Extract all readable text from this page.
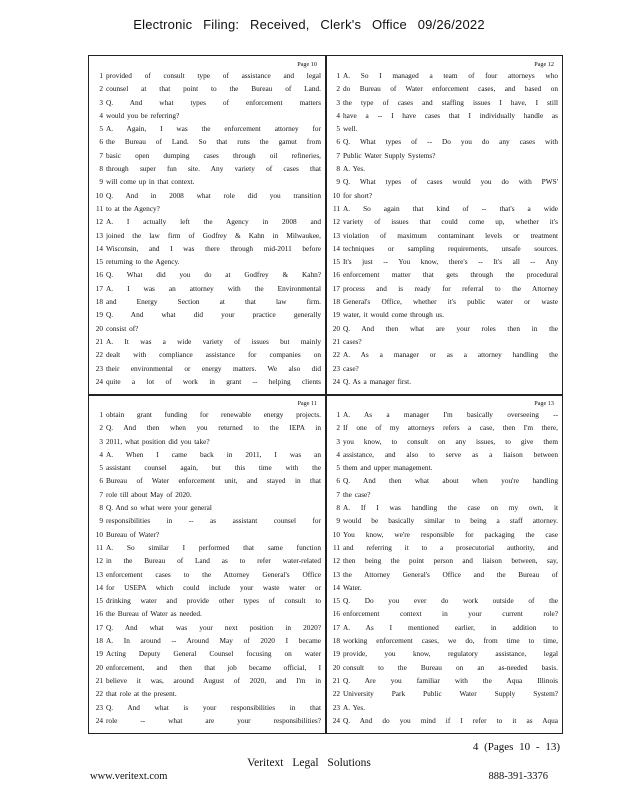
Electronic Filing: Received, Clerk's Office 09/26/2022
Page 10
1 provided of consult type of assistance and legal
2 counsel at that point to the Bureau of Land.
3 Q. And what types of enforcement matters
4 would you be referring?
5 A. Again, I was the enforcement attorney for
6 the Bureau of Land. So that runs the gamut from
7 basic open dumping cases through oil refineries,
8 through super fun site. Any variety of cases that
9 will come up in that context.
10 Q. And in 2008 what role did you transition
11 to at the Agency?
12 A. I actually left the Agency in 2008 and
13 joined the law firm of Godfrey & Kahn in Milwaukee,
14 Wisconsin, and I was there through mid-2011 before
15 returning to the Agency.
16 Q. What did you do at Godfrey & Kahn?
17 A. I was an attorney with the Environmental
18 and Energy Section at that law firm.
19 Q. And what did your practice generally
20 consist of?
21 A. It was a wide variety of issues but mainly
22 dealt with compliance assistance for companies on
23 their environmental or energy matters. We also did
24 quite a lot of work in grant -- helping clients
Page 12
1 A. So I managed a team of four attorneys who
2 do Bureau of Water enforcement cases, and based on
3 the type of cases and staffing issues I have, I still
4 have a -- I have cases that I individually handle as
5 well.
6 Q. What types of -- Do you do any cases with
7 Public Water Supply Systems?
8 A. Yes.
9 Q. What types of cases would you do with PWS'
10 for short?
11 A. So again that kind of -- that's a wide
12 variety of issues that could come up, whether it's
13 violation of maximum contaminant levels or treatment
14 techniques or sampling requirements, unsafe sources.
15 It's just -- You know, there's -- It's all -- Any
16 enforcement matter that gets through the procedural
17 process and is ready for referral to the Attorney
18 General's Office, whether it's public water or waste
19 water, it would come through us.
20 Q. And then what are your roles then in the
21 cases?
22 A. As a manager or as a attorney handling the
23 case?
24 Q. As a manager first.
Page 11
1 obtain grant funding for renewable energy projects.
2 Q. And then when you returned to the IEPA in
3 2011, what position did you take?
4 A. When I came back in 2011, I was an
5 assistant counsel again, but this time with the
6 Bureau of Water enforcement unit, and stayed in that
7 role till about May of 2020.
8 Q. And so what were your general
9 responsibilities in -- as assistant counsel for
10 Bureau of Water?
11 A. So similar I performed that same function
12 in the Bureau of Land as to refer water-related
13 enforcement cases to the Attorney General's Office
14 for USEPA which could include your waste water or
15 drinking water and provide other types of consult to
16 the Bureau of Water as needed.
17 Q. And what was your next position in 2020?
18 A. In around -- Around May of 2020 I became
19 Acting Deputy General Counsel focusing on water
20 enforcement, and then that job became official, I
21 believe it was, around August of 2020, and I'm in
22 that role at the present.
23 Q. And what is your responsibilities in that
24 role -- what are your responsibilities?
Page 13
1 A. As a manager I'm basically overseeing --
2 If one of my attorneys refers a case, then I'm there,
3 you know, to consult on any issues, to give them
4 assistance, and also to serve as a liaison between
5 them and upper management.
6 Q. And then what about when you're handling
7 the case?
8 A. If I was handling the case on my own, it
9 would be basically similar to being a staff attorney.
10 You know, we're responsible for packaging the case
11 and referring it to a prosecutorial authority, and
12 then being the point person and liaison between, say,
13 the Attorney General's Office and the Bureau of
14 Water.
15 Q. Do you ever do work outside of the
16 enforcement context in your current role?
17 A. As I mentioned earlier, in addition to
18 working enforcement cases, we do, from time to time,
19 provide, you know, regulatory assistance, legal
20 consult to the Bureau on an as-needed basis.
21 Q. Are you familiar with the Aqua Illinois
22 University Park Public Water Supply System?
23 A. Yes.
24 Q. And do you mind if I refer to it as Aqua
4 (Pages 10 - 13)
Veritext Legal Solutions
www.veritext.com	888-391-3376
